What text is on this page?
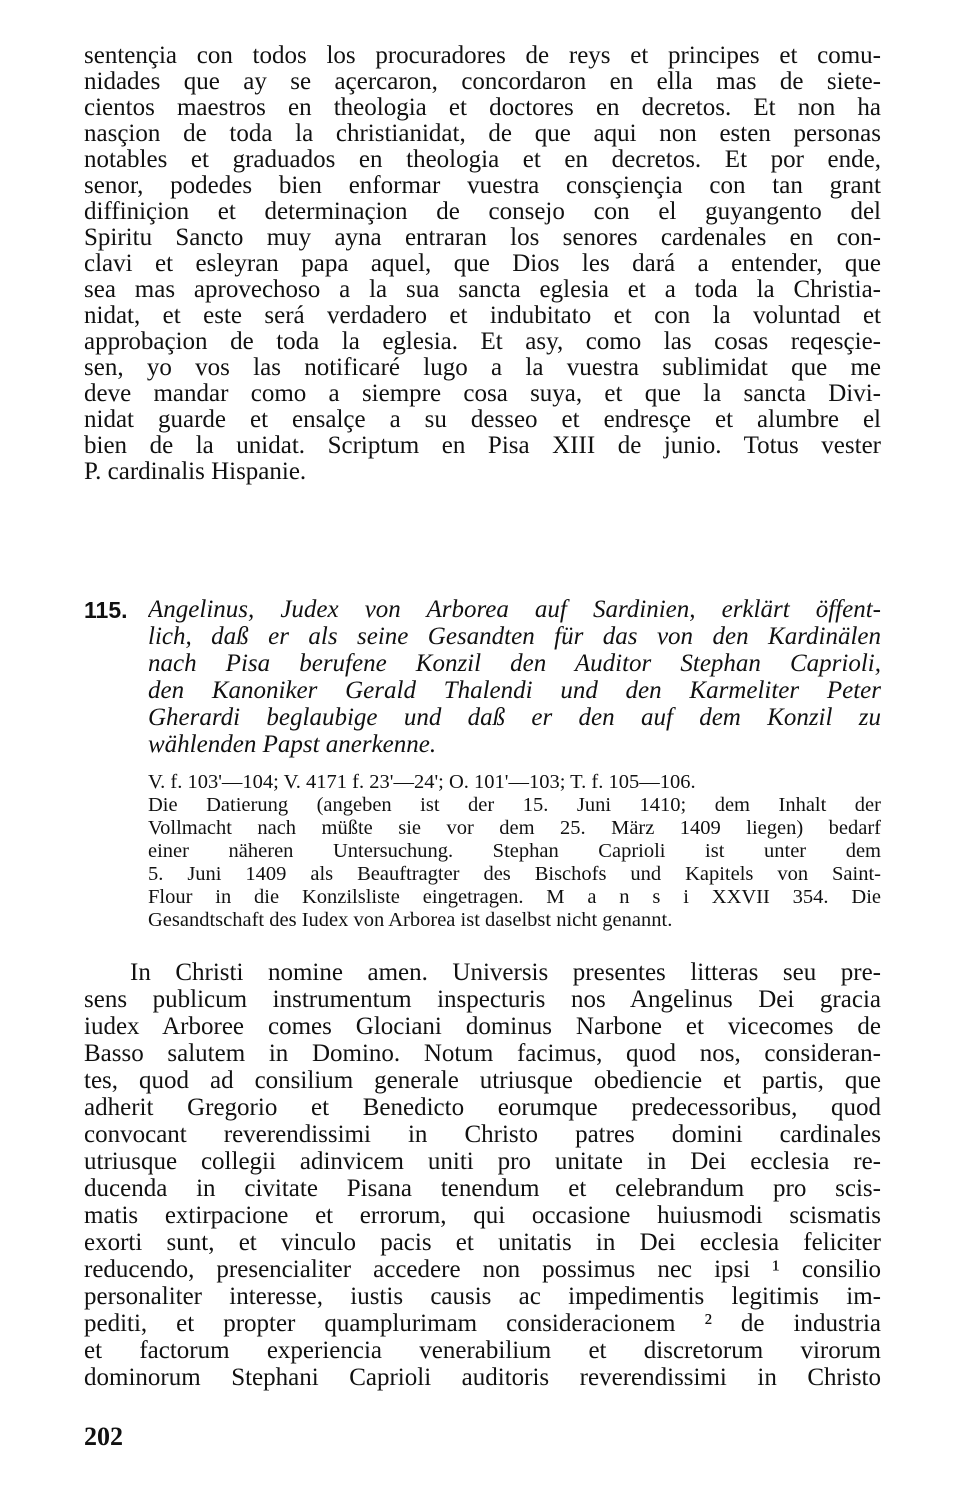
sentençia con todos los procuradores de reys et principes et comu-
nidades que ay se açercaron, concordaron en ella mas de siete-
cientos maestros en theologia et doctores en decretos. Et non ha
nasçion de toda la christianidat, de que aqui non esten personas
notables et graduados en theologia et en decretos. Et por ende,
senor, podedes bien enformar vuestra consçiençia con tan grant
diffiniçion et determinaçion de consejo con el guyangento del
Spiritu Sancto muy ayna entraran los senores cardenales en con-
clavi et esleyran papa aquel, que Dios les dará a entender, que
sea mas aprovechoso a la sua sancta eglesia et a toda la Christia-
nidat, et este será verdadero et indubitato et con la voluntad et
approbaçion de toda la eglesia. Et asy, como las cosas reqesçie-
sen, yo vos las notificaré lugo a la vuestra sublimidat que me
deve mandar como a siempre cosa suya, et que la sancta Divi-
nidat guarde et ensalçe a su desseo et endresçe et alumbre el
bien de la unidat. Scriptum en Pisa XIII de junio. Totus vester
P. cardinalis Hispanie.
115. Angelinus, Judex von Arborea auf Sardinien, erklärt öffent-
lich, daß er als seine Gesandten für das von den Kardinälen
nach Pisa berufene Konzil den Auditor Stephan Caprioli,
den Kanoniker Gerald Thalendi und den Karmeliter Peter
Gherardi beglaubige und daß er den auf dem Konzil zu
wählenden Papst anerkenne.
V. f. 103'—104; V. 4171 f. 23'—24'; O. 101'—103; T. f. 105—106.
Die Datierung (angeben ist der 15. Juni 1410; dem Inhalt der
Vollmacht nach müßte sie vor dem 25. März 1409 liegen) bedarf
einer näheren Untersuchung. Stephan Caprioli ist unter dem
5. Juni 1409 als Beauftragter des Bischofs und Kapitels von Saint-
Flour in die Konzilsliste eingetragen. M a n s i XXVII 354. Die
Gesandtschaft des Iudex von Arborea ist daselbst nicht genannt.
In Christi nomine amen. Universis presentes litteras seu pre-
sens publicum instrumentum inspecturis nos Angelinus Dei gracia
iudex Arboree comes Glociani dominus Narbone et vicecomes de
Basso salutem in Domino. Notum facimus, quod nos, consideran-
tes, quod ad consilium generale utriusque obediencie et partis, que
adherit Gregorio et Benedicto eorumque predecessoribus, quod
convocant reverendissimi in Christo patres domini cardinales
utriusque collegii adinvicem uniti pro unitate in Dei ecclesia re-
ducenda in civitate Pisana tenendum et celebrandum pro scis-
matis extirpacione et errorum, qui occasione huiusmodi scismatis
exorti sunt, et vinculo pacis et unitatis in Dei ecclesia feliciter
reducendo, presencialiter accedere non possimus nec ipsi ¹ consilio
personaliter interesse, iustis causis ac impedimentis legitimis im-
pediti, et propter quamplurimam consideracionem ² de industria
et factorum experiencia venerabilium et discretorum virorum
dominorum Stephani Caprioli auditoris reverendissimi in Christo
202
